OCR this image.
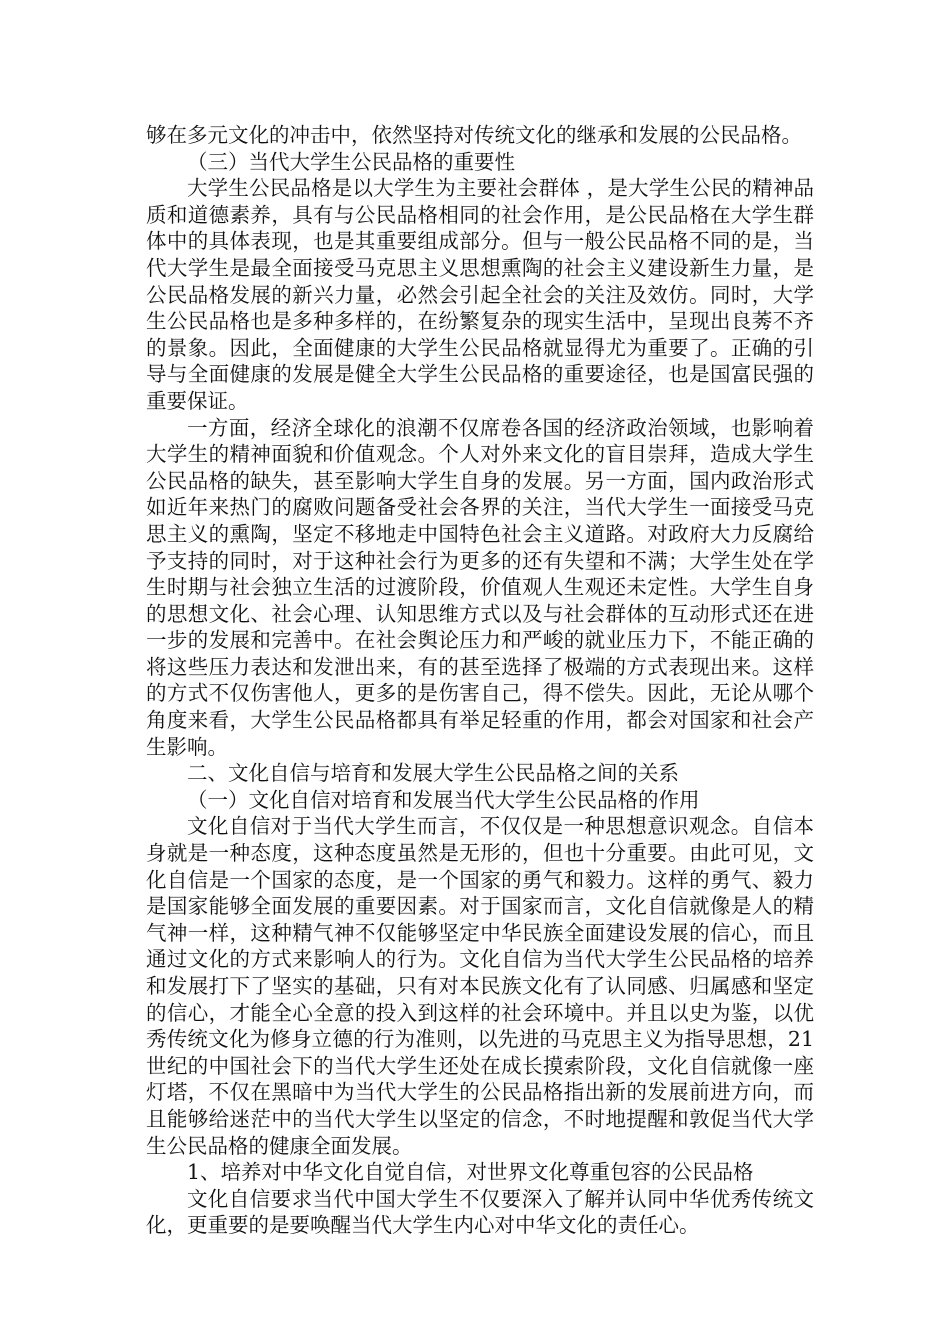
够在多元文化的冲击中，依然坚持对传统文化的继承和发展的公民品格。

（三）当代大学生公民品格的重要性

大学生公民品格是以大学生为主要社会群体 ，是大学生公民的精神品质和道德素养，具有与公民品格相同的社会作用，是公民品格在大学生群体中的具体表现，也是其重要组成部分。但与一般公民品格不同的是，当代大学生是最全面接受马克思主义思想熏陶的社会主义建设新生力量，是公民品格发展的新兴力量，必然会引起全社会的关注及效仿。同时，大学生公民品格也是多种多样的，在纷繁复杂的现实生活中，呈现出良莠不齐的景象。因此，全面健康的大学生公民品格就显得尤为重要了。正确的引导与全面健康的发展是健全大学生公民品格的重要途径，也是国富民强的重要保证。

一方面，经济全球化的浪潮不仅席卷各国的经济政治领域，也影响着大学生的精神面貌和价值观念。个人对外来文化的盲目崇拜，造成大学生公民品格的缺失，甚至影响大学生自身的发展。另一方面，国内政治形式如近年来热门的腐败问题备受社会各界的关注，当代大学生一面接受马克思主义的熏陶，坚定不移地走中国特色社会主义道路。对政府大力反腐给予支持的同时，对于这种社会行为更多的还有失望和不满；大学生处在学生时期与社会独立生活的过渡阶段，价值观人生观还未定性。大学生自身的思想文化、社会心理、认知思维方式以及与社会群体的互动形式还在进一步的发展和完善中。在社会舆论压力和严峻的就业压力下，不能正确的将这些压力表达和发泄出来，有的甚至选择了极端的方式表现出来。这样的方式不仅伤害他人，更多的是伤害自己，得不偿失。因此，无论从哪个角度来看，大学生公民品格都具有举足轻重的作用，都会对国家和社会产生影响。

二、文化自信与培育和发展大学生公民品格之间的关系

（一）文化自信对培育和发展当代大学生公民品格的作用

文化自信对于当代大学生而言，不仅仅是一种思想意识观念。自信本身就是一种态度，这种态度虽然是无形的，但也十分重要。由此可见，文化自信是一个国家的态度，是一个国家的勇气和毅力。这样的勇气、毅力是国家能够全面发展的重要因素。对于国家而言，文化自信就像是人的精气神一样，这种精气神不仅能够坚定中华民族全面建设发展的信心，而且通过文化的方式来影响人的行为。文化自信为当代大学生公民品格的培养和发展打下了坚实的基础，只有对本民族文化有了认同感、归属感和坚定的信心，才能全心全意的投入到这样的社会环境中。并且以史为鉴，以优秀传统文化为修身立德的行为准则，以先进的马克思主义为指导思想，21 世纪的中国社会下的当代大学生还处在成长摸索阶段，文化自信就像一座灯塔，不仅在黑暗中为当代大学生的公民品格指出新的发展前进方向，而且能够给迷茫中的当代大学生以坚定的信念，不时地提醒和敦促当代大学生公民品格的健康全面发展。

1、培养对中华文化自觉自信，对世界文化尊重包容的公民品格

文化自信要求当代中国大学生不仅要深入了解并认同中华优秀传统文化，更重要的是要唤醒当代大学生内心对中华文化的责任心。
